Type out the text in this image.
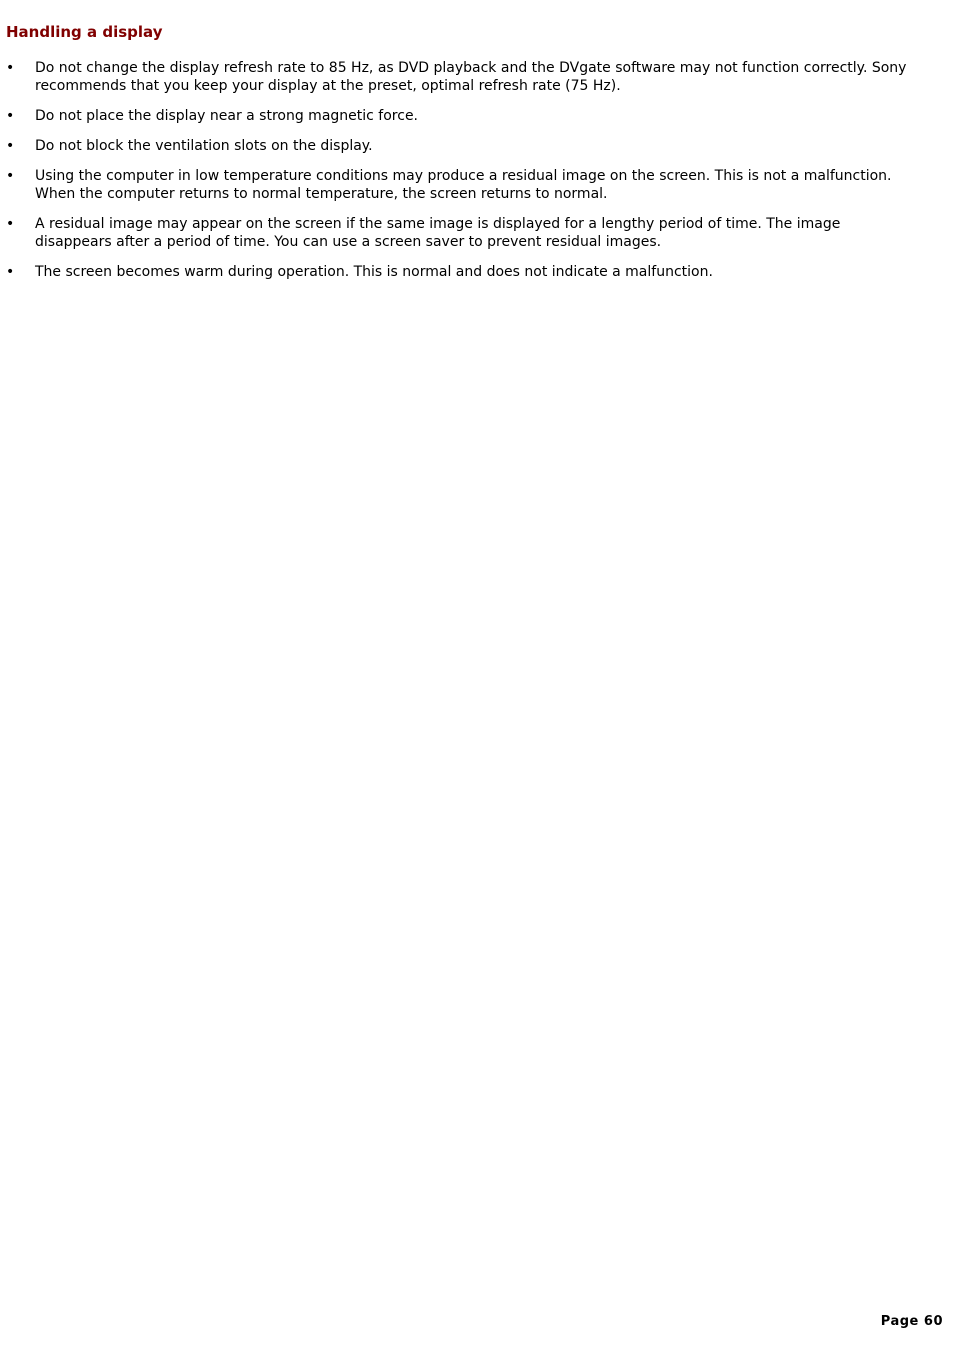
Handling a display
• Do not change the display refresh rate to 85 Hz, as DVD playback and the DVgate software may not function correctly. Sony recommends that you keep your display at the preset, optimal refresh rate (75 Hz).
• Do not place the display near a strong magnetic force.
• Do not block the ventilation slots on the display.
• Using the computer in low temperature conditions may produce a residual image on the screen. This is not a malfunction. When the computer returns to normal temperature, the screen returns to normal.
• A residual image may appear on the screen if the same image is displayed for a lengthy period of time. The image disappears after a period of time. You can use a screen saver to prevent residual images.
• The screen becomes warm during operation. This is normal and does not indicate a malfunction.
Page 60
